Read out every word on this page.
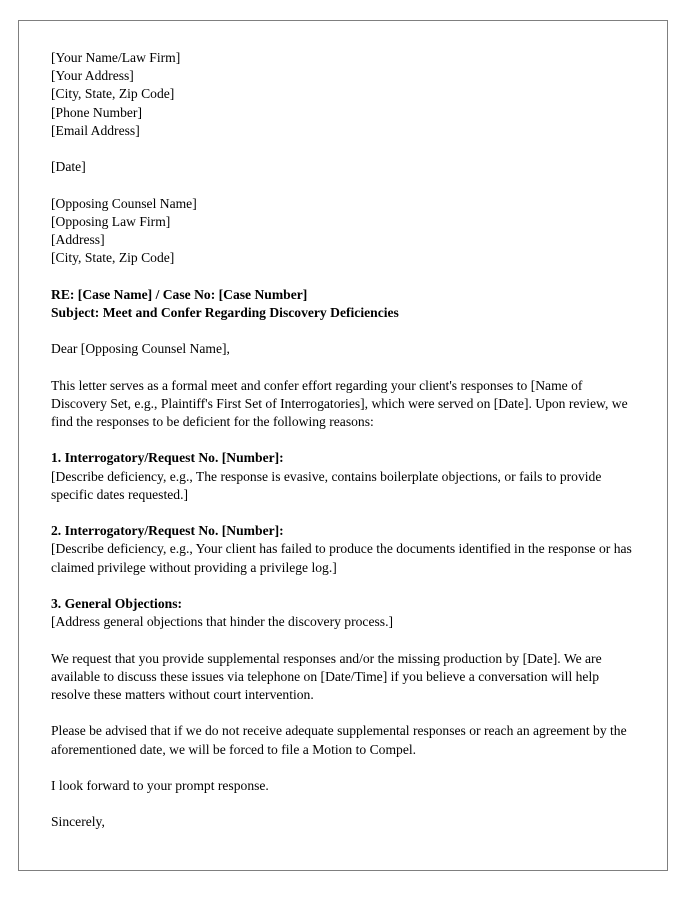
[Your Name/Law Firm]

[Your Address]

[City, State, Zip Code]

[Phone Number]

[Email Address]

[Date]

[Opposing Counsel Name]

[Opposing Law Firm]

[Address]

[City, State, Zip Code]

RE: [Case Name] / Case No: [Case Number]

Subject: Meet and Confer Regarding Discovery Deficiencies

Dear [Opposing Counsel Name],

This letter serves as a formal meet and confer effort regarding your client's responses to [Name of Discovery Set, e.g., Plaintiff's First Set of Interrogatories], which were served on [Date]. Upon review, we find the responses to be deficient for the following reasons:

1. Interrogatory/Request No. [Number]:

[Describe deficiency, e.g., The response is evasive, contains boilerplate objections, or fails to provide specific dates requested.]

2. Interrogatory/Request No. [Number]:

[Describe deficiency, e.g., Your client has failed to produce the documents identified in the response or has claimed privilege without providing a privilege log.]

3. General Objections:

[Address general objections that hinder the discovery process.]

We request that you provide supplemental responses and/or the missing production by [Date]. We are available to discuss these issues via telephone on [Date/Time] if you believe a conversation will help resolve these matters without court intervention.

Please be advised that if we do not receive adequate supplemental responses or reach an agreement by the aforementioned date, we will be forced to file a Motion to Compel.

I look forward to your prompt response.

Sincerely,
